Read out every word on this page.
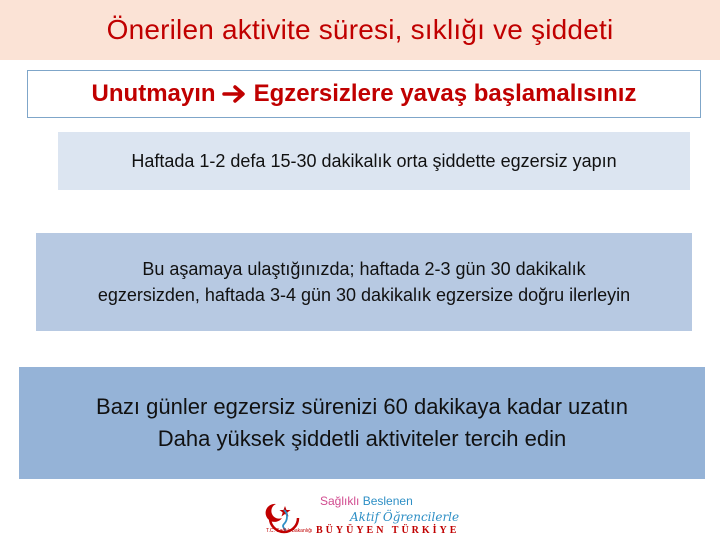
Önerilen aktivite süresi, sıklığı ve şiddeti
Unutmayın Egzersizlere yavaş başlamalısınız
Haftada 1-2 defa 15-30 dakikalık orta şiddette egzersiz yapın
Bu aşamaya ulaştığınızda; haftada 2-3 gün 30 dakikalık
egzersizden, haftada 3-4 gün 30 dakikalık egzersize doğru ilerleyin
Bazı günler egzersiz sürenizi 60 dakikaya kadar uzatın
Daha yüksek şiddetli aktiviteler tercih edin
T.C. Sağlık Bakanlığı
Sağlıklı Beslenen
Aktif Öğrencilerle
BÜYÜYEN TÜRKİYE
